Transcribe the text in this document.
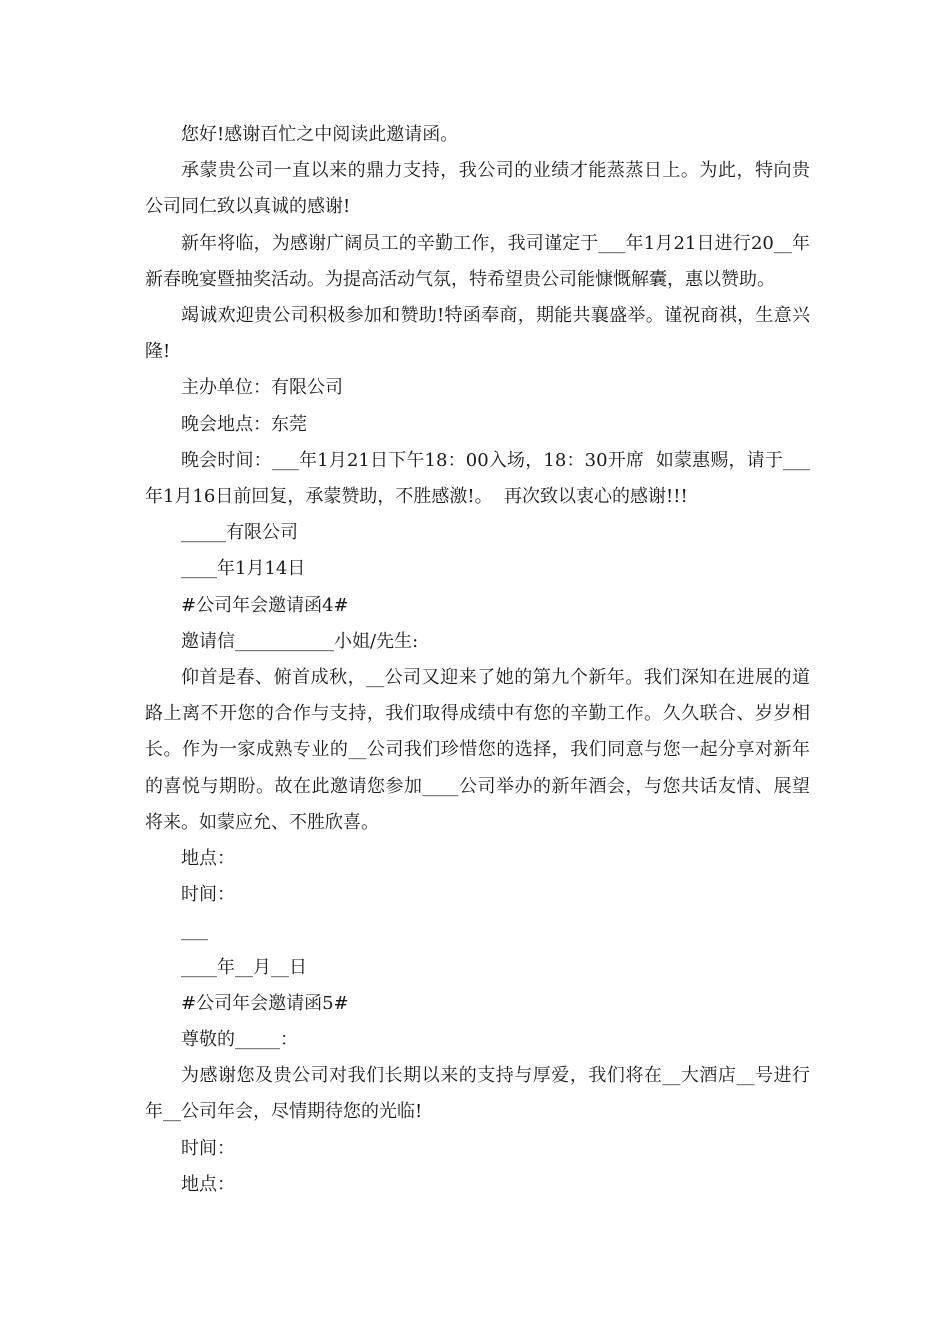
您好!感谢百忙之中阅读此邀请函。

承蒙贵公司一直以来的鼎力支持，我公司的业绩才能蒸蒸日上。为此，特向贵公司同仁致以真诚的感谢!

新年将临，为感谢广阔员工的辛勤工作，我司谨定于___年1月21日进行20__年新春晚宴暨抽奖活动。为提高活动气氛，特希望贵公司能慷慨解囊，惠以赞助。

竭诚欢迎贵公司积极参加和赞助!特函奉商，期能共襄盛举。谨祝商祺，生意兴隆!

主办单位：有限公司

晚会地点：东莞

晚会时间：___年1月21日下午18：00入场，18：30开席  如蒙惠赐，请于___年1月16日前回复，承蒙赞助，不胜感激!。  再次致以衷心的感谢!!!

_____有限公司

____年1月14日

#公司年会邀请函4#

邀请信___________小姐/先生:

仰首是春、俯首成秋，__公司又迎来了她的第九个新年。我们深知在进展的道路上离不开您的合作与支持，我们取得成绩中有您的辛勤工作。久久联合、岁岁相长。作为一家成熟专业的__公司我们珍惜您的选择，我们同意与您一起分享对新年的喜悦与期盼。故在此邀请您参加____公司举办的新年酒会，与您共话友情、展望将来。如蒙应允、不胜欣喜。

地点：

时间：

___

____年__月__日

#公司年会邀请函5#

尊敬的_____：

为感谢您及贵公司对我们长期以来的支持与厚爱，我们将在__大酒店__号进行年__公司年会，尽情期待您的光临!

时间：

地点：
